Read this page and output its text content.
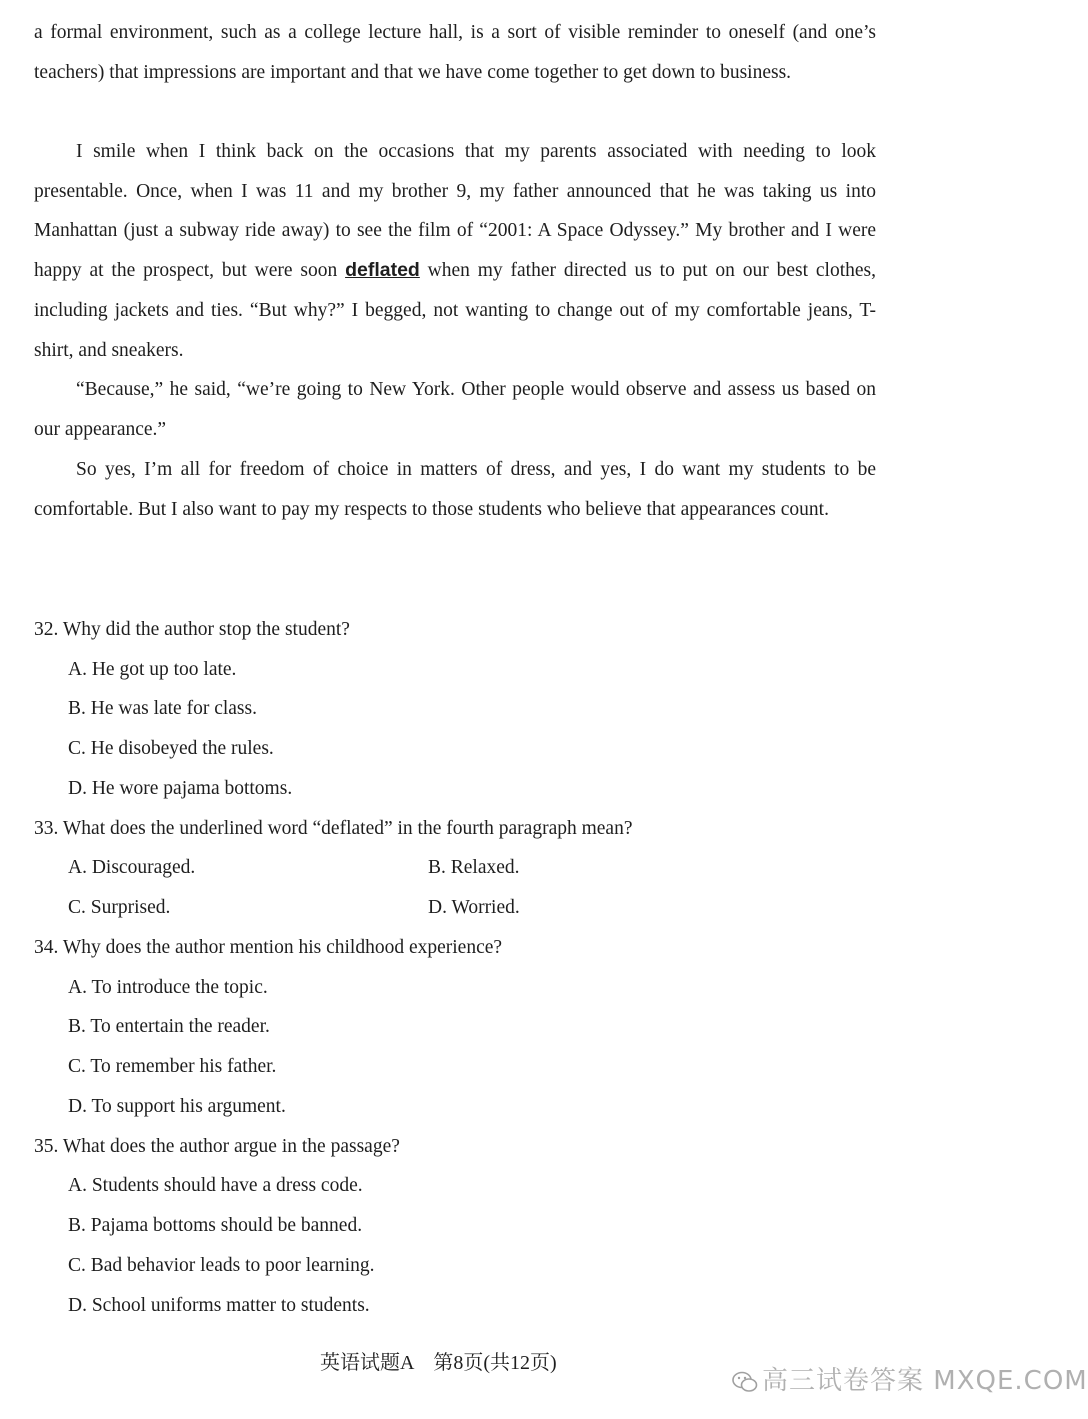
a formal environment, such as a college lecture hall, is a sort of visible reminder to oneself (and one’s teachers) that impressions are important and that we have come together to get down to business.

I smile when I think back on the occasions that my parents associated with needing to look presentable. Once, when I was 11 and my brother 9, my father announced that he was taking us into Manhattan (just a subway ride away) to see the film of “2001: A Space Odyssey.” My brother and I were happy at the prospect, but were soon deflated when my father directed us to put on our best clothes, including jackets and ties. “But why?” I begged, not wanting to change out of my comfortable jeans, T-shirt, and sneakers.

“Because,” he said, “we’re going to New York. Other people would observe and assess us based on our appearance.”

So yes, I’m all for freedom of choice in matters of dress, and yes, I do want my students to be comfortable. But I also want to pay my respects to those students who believe that appearances count.

32. Why did the author stop the student?
A. He got up too late.
B. He was late for class.
C. He disobeyed the rules.
D. He wore pajama bottoms.
33. What does the underlined word “deflated” in the fourth paragraph mean?
A. Discouraged.	B. Relaxed.
C. Surprised.	D. Worried.
34. Why does the author mention his childhood experience?
A. To introduce the topic.
B. To entertain the reader.
C. To remember his father.
D. To support his argument.
35. What does the author argue in the passage?
A. Students should have a dress code.
B. Pajama bottoms should be banned.
C. Bad behavior leads to poor learning.
D. School uniforms matter to students.
英语试题A　第8页(共12页)
高三试卷答案 MXQE.COM
